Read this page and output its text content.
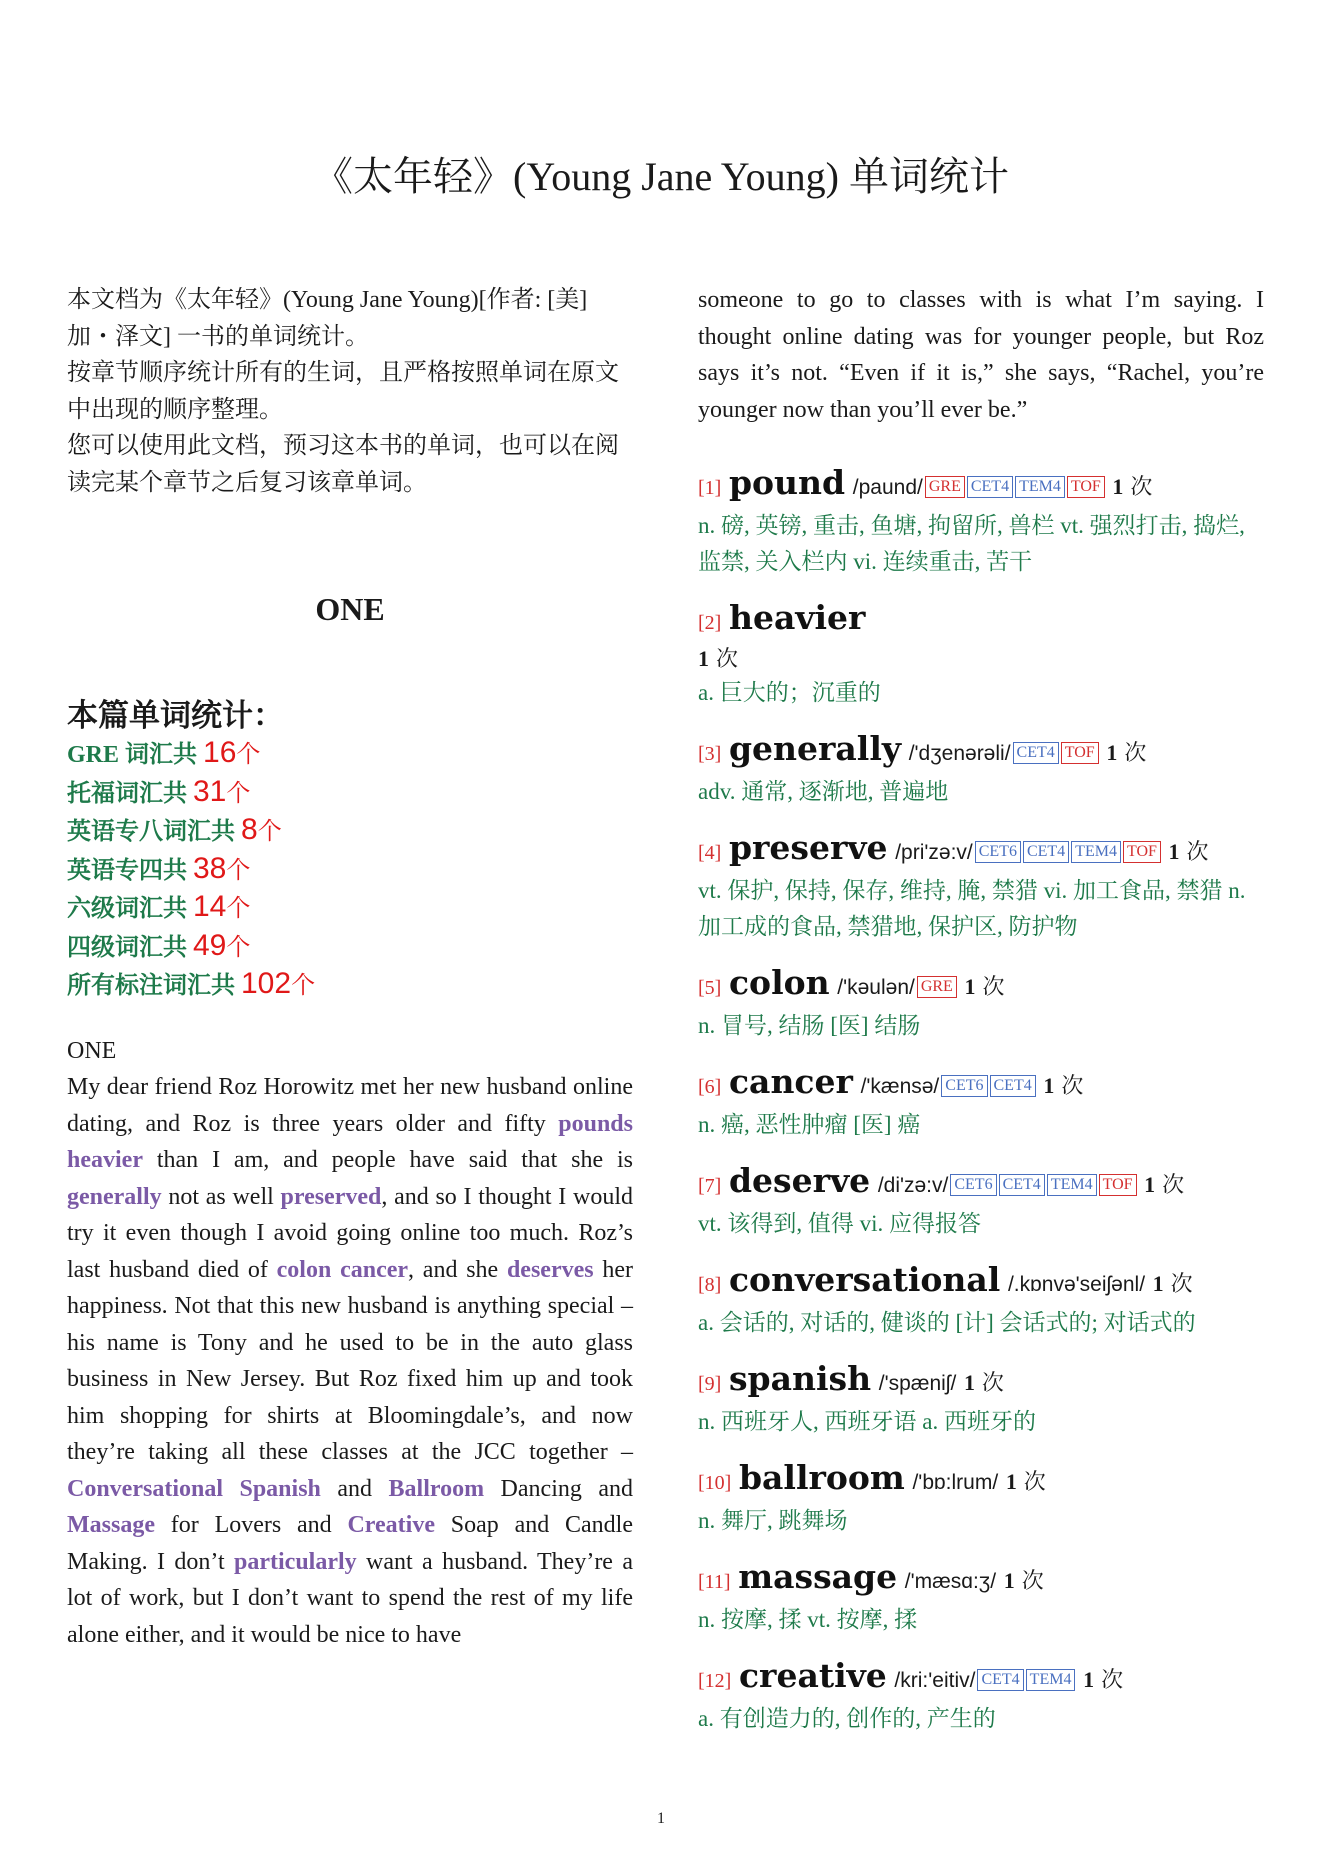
《太年轻》(Young Jane Young) 单词统计

本文档为《太年轻》(Young Jane Young)[作者: [美] 加・泽文] 一书的单词统计。

按章节顺序统计所有的生词，且严格按照单词在原文中出现的顺序整理。

您可以使用此文档，预习这本书的单词，也可以在阅读完某个章节之后复习该章单词。

ONE
本篇单词统计：
GRE 词汇共 16个
托福词汇共 31个
英语专八词汇共 8个
英语专四共 38个
六级词汇共 14个
四级词汇共 49个
所有标注词汇共 102个
ONE

My dear friend Roz Horowitz met her new husband online dating, and Roz is three years older and fifty pounds heavier than I am, and people have said that she is generally not as well preserved, and so I thought I would try it even though I avoid going online too much. Roz’s last husband died of colon cancer, and she deserves her happiness. Not that this new husband is anything special –his name is Tony and he used to be in the auto glass business in New Jersey. But Roz fixed him up and took him shopping for shirts at Bloomingdale’s, and now they’re taking all these classes at the JCC together – Conversational Spanish and Ballroom Dancing and Massage for Lovers and Creative Soap and Candle Making. I don’t particularly want a husband. They’re a lot of work, but I don’t want to spend the rest of my life alone either, and it would be nice to have

someone to go to classes with is what I’m saying. I thought online dating was for younger people, but Roz says it’s not. “Even if it is,” she says, “Rachel, you’re younger now than you’ll ever be.”

[1] pound /paund/ GRE CET4 TEM4 TOF 1 次
n. 磅, 英镑, 重击, 鱼塘, 拘留所, 兽栏 vt. 强烈打击, 捣烂, 监禁, 关入栏内 vi. 连续重击, 苦干
[2] heavier
1 次
a. 巨大的；沉重的
[3] generally /'dʒenərəli/ CET4 TOF 1 次
adv. 通常, 逐渐地, 普遍地
[4] preserve /pri'zə:v/ CET6 CET4 TEM4 TOF 1 次
vt. 保护, 保持, 保存, 维持, 腌, 禁猎 vi. 加工食品, 禁猎 n. 加工成的食品, 禁猎地, 保护区, 防护物
[5] colon /'kəulən/ GRE 1 次
n. 冒号, 结肠 [医] 结肠
[6] cancer /'kænsə/ CET6 CET4 1 次
n. 癌, 恶性肿瘤 [医] 癌
[7] deserve /di'zə:v/ CET6 CET4 TEM4 TOF 1 次
vt. 该得到, 值得 vi. 应得报答
[8] conversational /.kɒnvə'seiʃənl/ 1 次
a. 会话的, 对话的, 健谈的 [计] 会话式的; 对话式的
[9] spanish /'spæniʃ/ 1 次
n. 西班牙人, 西班牙语 a. 西班牙的
[10] ballroom /'bɒ:lrum/ 1 次
n. 舞厅, 跳舞场
[11] massage /'mæsɑ:ʒ/ 1 次
n. 按摩, 揉 vt. 按摩, 揉
[12] creative /kri:'eitiv/ CET4 TEM4 1 次
a. 有创造力的, 创作的, 产生的
1
